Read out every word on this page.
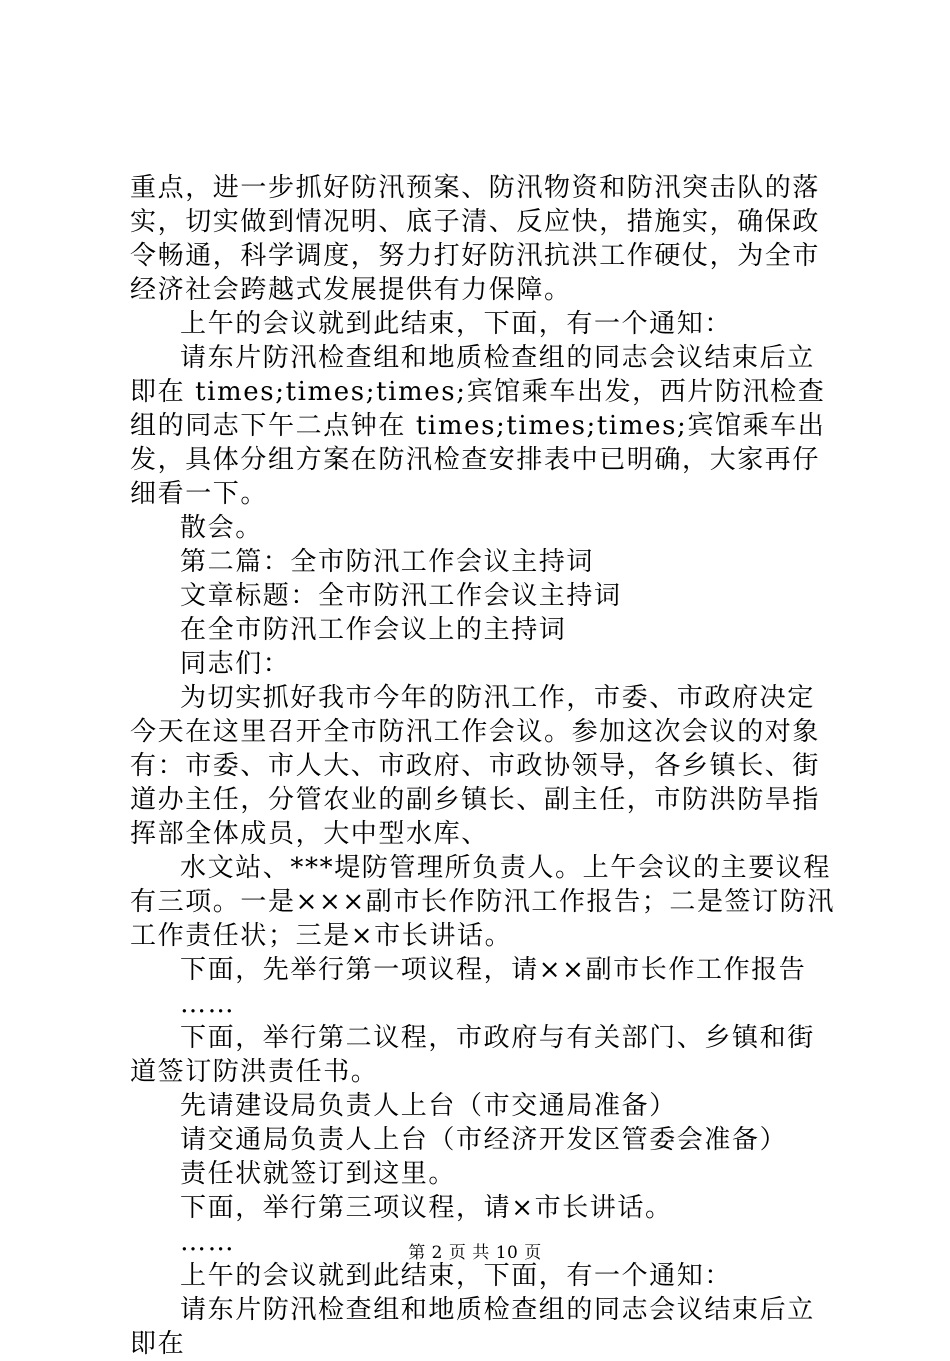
重点，进一步抓好防汛预案、防汛物资和防汛突击队的落实，切实做到情况明、底子清、反应快，措施实，确保政令畅通，科学调度，努力打好防汛抗洪工作硬仗，为全市经济社会跨越式发展提供有力保障。

上午的会议就到此结束，下面，有一个通知：

请东片防汛检查组和地质检查组的同志会议结束后立即在 times;times;times;宾馆乘车出发，西片防汛检查组的同志下午二点钟在 times;times;times;宾馆乘车出发，具体分组方案在防汛检查安排表中已明确，大家再仔细看一下。

散会。

第二篇：全市防汛工作会议主持词

文章标题：全市防汛工作会议主持词

在全市防汛工作会议上的主持词

同志们：

为切实抓好我市今年的防汛工作，市委、市政府决定今天在这里召开全市防汛工作会议。参加这次会议的对象有：市委、市人大、市政府、市政协领导，各乡镇长、街道办主任，分管农业的副乡镇长、副主任，市防洪防旱指挥部全体成员，大中型水库、

水文站、***堤防管理所负责人。上午会议的主要议程有三项。一是×××副市长作防汛工作报告；二是签订防汛工作责任状；三是×市长讲话。

下面，先举行第一项议程，请××副市长作工作报告

……

下面，举行第二议程，市政府与有关部门、乡镇和街道签订防洪责任书。

先请建设局负责人上台（市交通局准备）

请交通局负责人上台（市经济开发区管委会准备）

责任状就签订到这里。

下面，举行第三项议程，请×市长讲话。

……

上午的会议就到此结束，下面，有一个通知：

请东片防汛检查组和地质检查组的同志会议结束后立即在

第 2 页 共 10 页
